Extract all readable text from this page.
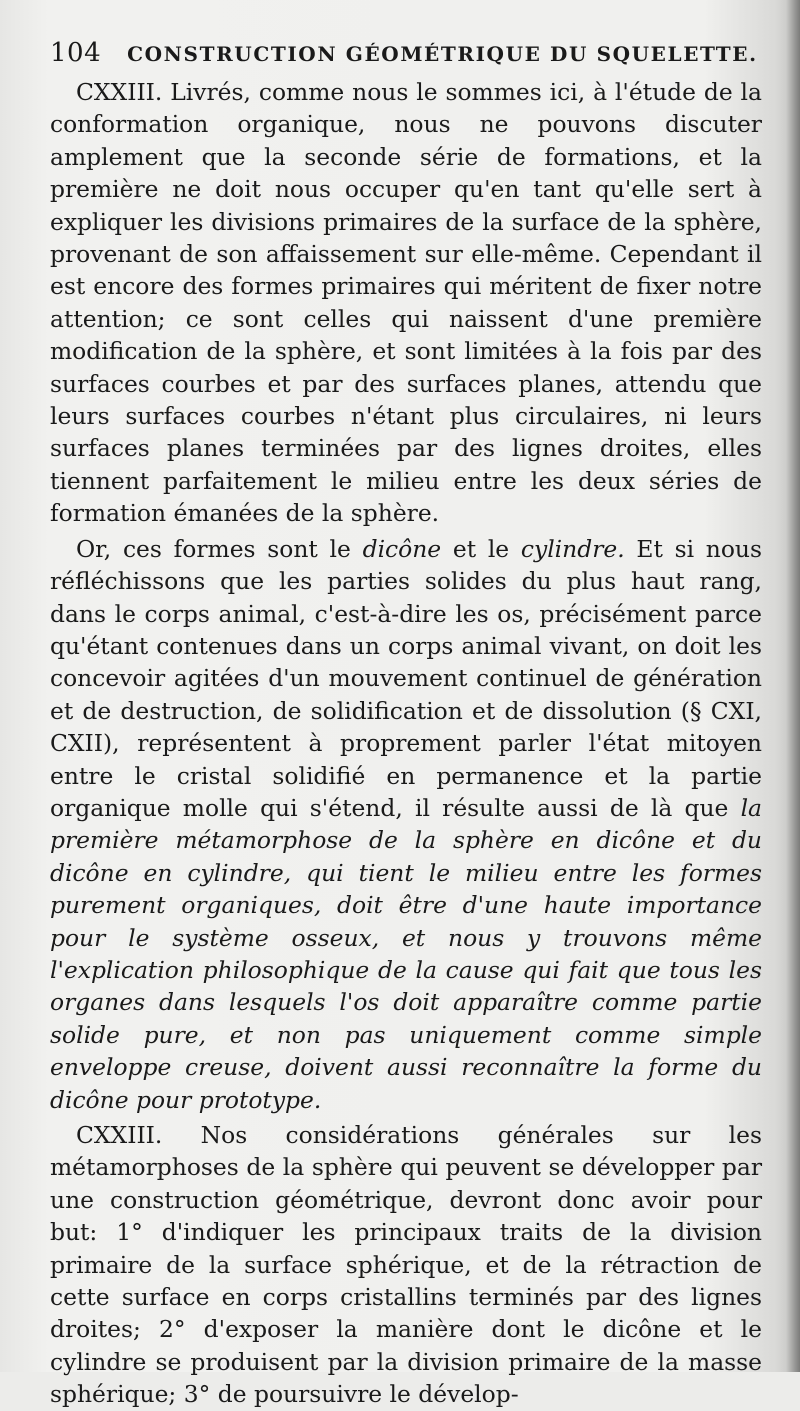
104 CONSTRUCTION GÉOMÉTRIQUE DU SQUELETTE.

CXXIII. Livrés, comme nous le sommes ici, à l'étude de la conformation organique, nous ne pouvons discuter amplement que la seconde série de formations, et la première ne doit nous occuper qu'en tant qu'elle sert à expliquer les divisions primaires de la surface de la sphère, provenant de son affaissement sur elle-même. Cependant il est encore des formes primaires qui méritent de fixer notre attention; ce sont celles qui naissent d'une première modification de la sphère, et sont limitées à la fois par des surfaces courbes et par des surfaces planes, attendu que leurs surfaces courbes n'étant plus circulaires, ni leurs surfaces planes terminées par des lignes droites, elles tiennent parfaitement le milieu entre les deux séries de formation émanées de la sphère.

Or, ces formes sont le dicône et le cylindre. Et si nous réfléchissons que les parties solides du plus haut rang, dans le corps animal, c'est-à-dire les os, précisément parce qu'étant contenues dans un corps animal vivant, on doit les concevoir agitées d'un mouvement continuel de génération et de destruction, de solidification et de dissolution (§ CXI, CXII), représentent à proprement parler l'état mitoyen entre le cristal solidifié en permanence et la partie organique molle qui s'étend, il résulte aussi de là que la première métamorphose de la sphère en dicône et du dicône en cylindre, qui tient le milieu entre les formes purement organiques, doit être d'une haute importance pour le système osseux, et nous y trouvons même l'explication philosophique de la cause qui fait que tous les organes dans lesquels l'os doit apparaître comme partie solide pure, et non pas uniquement comme simple enveloppe creuse, doivent aussi reconnaître la forme du dicône pour prototype.

CXXIII. Nos considérations générales sur les métamorphoses de la sphère qui peuvent se développer par une construction géométrique, devront donc avoir pour but: 1° d'indiquer les principaux traits de la division primaire de la surface sphérique, et de la rétraction de cette surface en corps cristallins terminés par des lignes droites; 2° d'exposer la manière dont le dicône et le cylindre se produisent par la division primaire de la masse sphérique; 3° de poursuivre le dévelop-
